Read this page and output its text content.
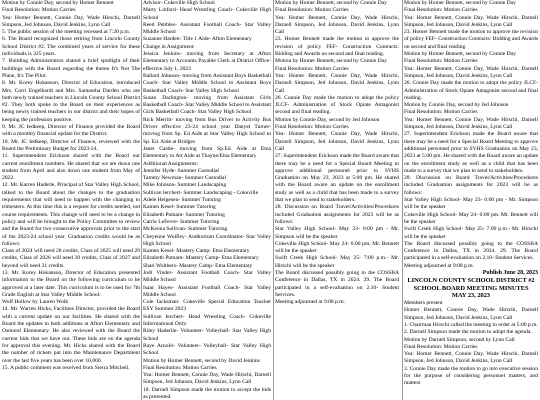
Motion by Connie Day, second by Homer Bennett

Final Resolution: Motion Carries

Yea: Homer Bennett, Connie Day, Wade Hirschi, Darnell Simpson, Jed Johnson, David Jenkins, Lynn Call

5. The public session of the meeting recessed at 7:20 p.m.

6. The Board recognized those retiring from Lincoln County School District #2. The combined years of service for these individuals is 325 years.

7. Building Administrators shared a brief spotlight of their buildings with the Board regarding the theme It's Not The Plane, It's The Pilot.

8. Mr. Korey Hokanson, Director of Education, introduced Mrs. Corri Engelhardt and Mrs. Samantha Darden who are both newly trained teachers in Lincoln County School District #2. They both spoke to the Board on their experiences as being newly trained teachers in our district and their hopes of keeping the profession positive.

9. Mr. JC Iedkeep, Director of Finance provided the Board with a monthly financial update for the District.

10. Mr. JC Iedkeep, Director of Finance, reviewed with the Board the Preliminary Budget for 2023-24.

11. Superintendent Erickson shared with the Board our current enrollment numbers. He shared that we are down one student from April and also down one student from May of 2022.

12. Mr. Karren Haderle, Principal of Star Valley High School, talked to the Board about the changes to the graduation requirements that will need to happen with the changing to trimesters. At this time this is a request for credits needed, not course requirements. This change will need to be a change in policy and will be brought to the Policy Committee to review and the Board for two consecutive approvals prior to the start of the 2023-24 school year. Graduation credits would be as follows:

Class of 2024 will need 28 credits, Class of 2025 will need 29 credits, Class of 2026 will need 30 credits, Class of 2027 and beyond will need 31 credits.

13. Mr. Korey Hokanson, Director of Education presented information to the Board on the following curriculum to be approved at a later date. This curriculum is to be used for 7th Grade English at Star Valley Middle School:

Wolf Hollow by Lauren Wolk

14. Mr. Warren Hicks, Facilities Director, provided the Board with a current update on our facilities. He shared with the Board the updates to both additions at Afton Elementary and Osmond Elementary. He also reviewed with the Board the current bids that we have out. These bids are on the agenda for approval this evening. Mr. Hicks shared with the Board the number of tickets put into the Maintenance Department over the last five years has been over 10,000.

15. A public comment was received from Sierra Mitchell.

Advisor- Cokeville High School

Marty Linford- Head Wrestling Coach- Cokeville High School

Reed Pebbles- Assistant Football Coach- Star Valley Middle School

Suzanne Harden- Title 1 Aide- Afton Elementary

Change in Assignment:

Jessica Jenkins- moving from Secretary at Afton Elementary to Accounts Payable Clerk at District Office- effective July 1, 2023

Ballard Johnson- moving from Assistant Boys Basketball Coach- Star Valley Middle School to Assistant Boys Basketball Coach- Star Valley High School

Susan Darlington- moving from Assistant Girls Basketball Coach- Star Valley Middle School to Assistant Girls Basketball Coach- Star Valley High School

Rick Merritt- moving from Bus Driver to Activity Bus Driver effective 23-24 school year Danyel Turner- moving from Sp. Ed Aide at Star Valley High School to Sp. Ed. Aide at Bridges

Janet Castle- moving from Sp.Ed. Aide at Etna Elementary to Art Aide at Thayne/Etna Elementary

Additional Assignments:

Jennifer Hyde- Summer Custodial

Tammy Newman- Summer Custodial

Mike Johnson- Summer Landscaping

Sullivan Ierchert- Summer Landscaping - Cokeville

Adele Helgesen- Summer Tutoring

Kamen Kesel- Summer Tutoring

Elizabeth Putnam- Summer Tutoring

Carrie LeFevre- Summer Tutoring

McKenna Sullivan- Summer Tutoring

Cheyenne Wolfley- Auditorium Coordinator- Star Valley High School

Kamen Kesel- Mastery Camp- Etna Elementary

Elizabeth Putnam- Mastery Camp- Etna Elementary

Shari Wolthers- Mastery Camp- Etna Elementary

Jodi Vinder- Assistant Football Coach- Star Valley Middle School

Isaac Hayes- Assistant Football Coach- Star Valley Middle School

Cole Iacksman- Cokeville Special Education Teacher ESY Summer 2023

Sullivan Ierchert- Head Wrestling Coach- Cokeville Informational Only:

Riley Haderlie- Volunteer- Volleyball- Star Valley High School

Raye Arnold- Volunteer- Volleyball- Star Valley High School

Motion by Homer Bennett, second by David Jenkins

Final Resolution: Motion Carries

Yea: Homer Bennett, Connie Day, Wade Hirschi, Darnell Simpson, Jed Johnson, David Jenkins, Lynn Call

18. Darnell Simpson made the motion to accept the bids as presented.

Motion by Homer Bennett, second by Connie Day

Final Resolution: Motion Carries

Yea: Homer Bennett, Connie Day, Wade Hirschi, Darnell Simpson, Jed Johnson, David Jenkins, Lynn Call

23. Homer Bennett made the motion to approve the revision of policy FEF- Construction Contracts: Bidding and Awards on second and final reading.

Motion by Homer Bennett, second by Connie Day

Final Resolution: Motion Carries

Yea: Homer Bennett, Connie Day, Wade Hirschi, Darnell Simpson, Jed Johnson, David Jenkins, Lynn Call

26. Connie Day made the motion to adopt the policy JLCF- Administration of Stock Opiate Antagonist second and final reading.

Motion by Connie Day, second by Jed Johnson

Final Resolution: Motion Carries

Yea: Homer Bennett, Connie Day, Wade Hirschi, Darnell Simpson, Jed Johnson, David Jenkins, Lynn Call

27. Superintendent Erickson made the Board aware that there may be a need for a Special Board Meeting to approve additional personnel prior to SVHS Graduation on May 23, 2023 at 5:00 pm. He shared with the Board aware an update on the enrollment study as well as a child that has been made to a survey that we plan to send to stakeholders.

28. Discussion on Board Travel/Activities/Procedures included Graduation assignments for 2023 will be as follows:

Star Valley High School- May 23- 6:00 pm - Mr. Simpson will be the speaker

Cokeville High School- May 24- 6:00 pm. Mr. Bennett will be the speaker

Swift Creek High School- May 25- 7:00 p.m.- Mr. Hirschi will be the speaker

The Board discussed possibly going to the COSSBA Conference in Dallas, TX in 2024. 29. The Board participated in a self-evaluation on 2.10- Student Services.

Meeting adjourned at 9:08 p.m.

Motion by Homer Bennett, second by Connie Day

Final Resolution: Motion Carries

Yea: Homer Bennett, Connie Day, Wade Hirschi, Darnell Simpson, Jed Johnson, David Jenkins, Lynn Call

23. Homer Bennett made the motion to approve the revision of policy FEF- Construction Contracts: Bidding and Awards on second and final reading.

Motion by Homer Bennett, second by Connie Day

Final Resolution: Motion Carries

Yea: Homer Bennett, Connie Day, Wade Hirschi, Darnell Simpson, Jed Johnson, David Jenkins, Lynn Call

26. Connie Day made the motion to adopt the policy JLCF- Administration of Stock Opiate Antagonist second and final reading.

Motion by Connie Day, second by Jed Johnson

Final Resolution: Motion Carries

Yea: Homer Bennett, Connie Day, Wade Hirschi, Darnell Simpson, Jed Johnson, David Jenkins, Lynn Call

27. Superintendent Erickson made the Board aware that there may be a need for a Special Board Meeting to approve additional personnel prior to SVHS Graduation on May 23, 2023 at 5:00 pm. He shared with the Board aware an update on the enrollment study as well as a child that has been made to a survey that we plan to send to stakeholders.

28. Discussion on Board Travel/Activities/Procedures included Graduation assignments for 2023 will be as follows:

Star Valley High School- May 23- 6:00 pm - Mr. Simpson will be the speaker

Cokeville High School- May 24- 6:00 pm. Mr. Bennett will be the speaker

Swift Creek High School- May 25- 7:00 p.m.- Mr. Hirschi will be the speaker

The Board discussed possibly going to the COSSBA Conference in Dallas, TX in 2024. 29. The Board participated in a self-evaluation on 2.10- Student Services.

Meeting adjourned at 9:08 p.m.

Publish June 28, 2023

LINCOLN COUNTY SCHOOL DISTRICT #2
SCHOOL BOARD MEETING MINUTES
MAY 23, 2023

Members present

Homer Bennett, Connie Day, Wade Hirschi, Darnell Simpson, Jed Johnson, David Jenkins, Lynn Call

1. Chairman Hirschi called the meeting to order at 5:00 p.m.

2. Darnell Simpson made the motion to adopt the agenda.

Motion by Darnell Simpson, second by Lynn Call

Final Resolution: Motion Carries

Yea: Homer Bennett, Connie Day, Wade Hirschi, Darnell Simpson, Jed Johnson, David Jenkins, Lynn Call

3. Connie Day made the motion to go into executive session for the purpose of considering personnel matters, and matters
